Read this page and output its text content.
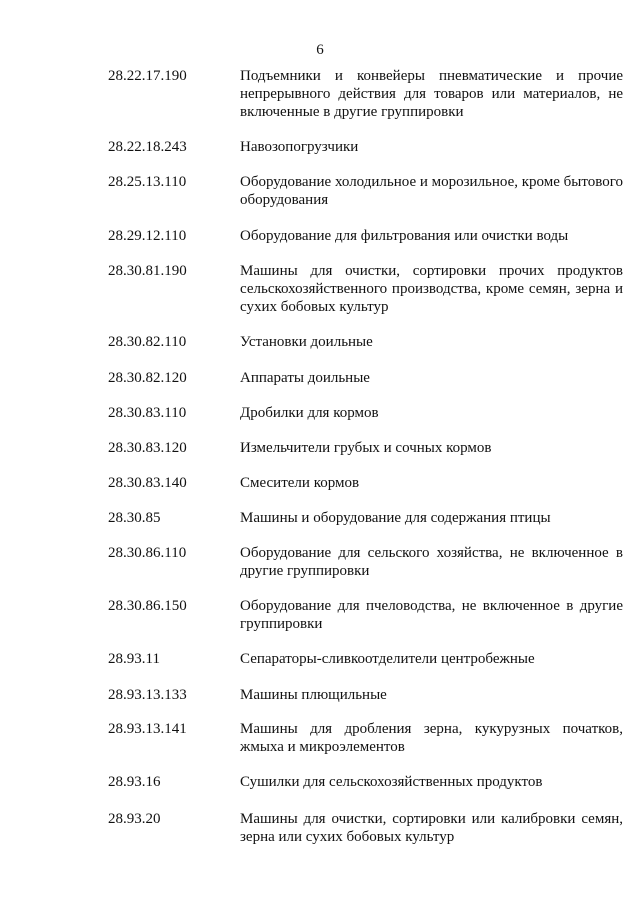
6
28.22.17.190	Подъемники и конвейеры пневматические и прочие непрерывного действия для товаров или материалов, не включенные в другие группировки
28.22.18.243	Навозопогрузчики
28.25.13.110	Оборудование холодильное и морозильное, кроме бытового оборудования
28.29.12.110	Оборудование для фильтрования или очистки воды
28.30.81.190	Машины для очистки, сортировки прочих продуктов сельскохозяйственного производства, кроме семян, зерна и сухих бобовых культур
28.30.82.110	Установки доильные
28.30.82.120	Аппараты доильные
28.30.83.110	Дробилки для кормов
28.30.83.120	Измельчители грубых и сочных кормов
28.30.83.140	Смесители кормов
28.30.85	Машины и оборудование для содержания птицы
28.30.86.110	Оборудование для сельского хозяйства, не включенное в другие группировки
28.30.86.150	Оборудование для пчеловодства, не включенное в другие группировки
28.93.11	Сепараторы-сливкоотделители центробежные
28.93.13.133	Машины плющильные
28.93.13.141	Машины для дробления зерна, кукурузных початков, жмыха и микроэлементов
28.93.16	Сушилки для сельскохозяйственных продуктов
28.93.20	Машины для очистки, сортировки или калибровки семян, зерна или сухих бобовых культур
